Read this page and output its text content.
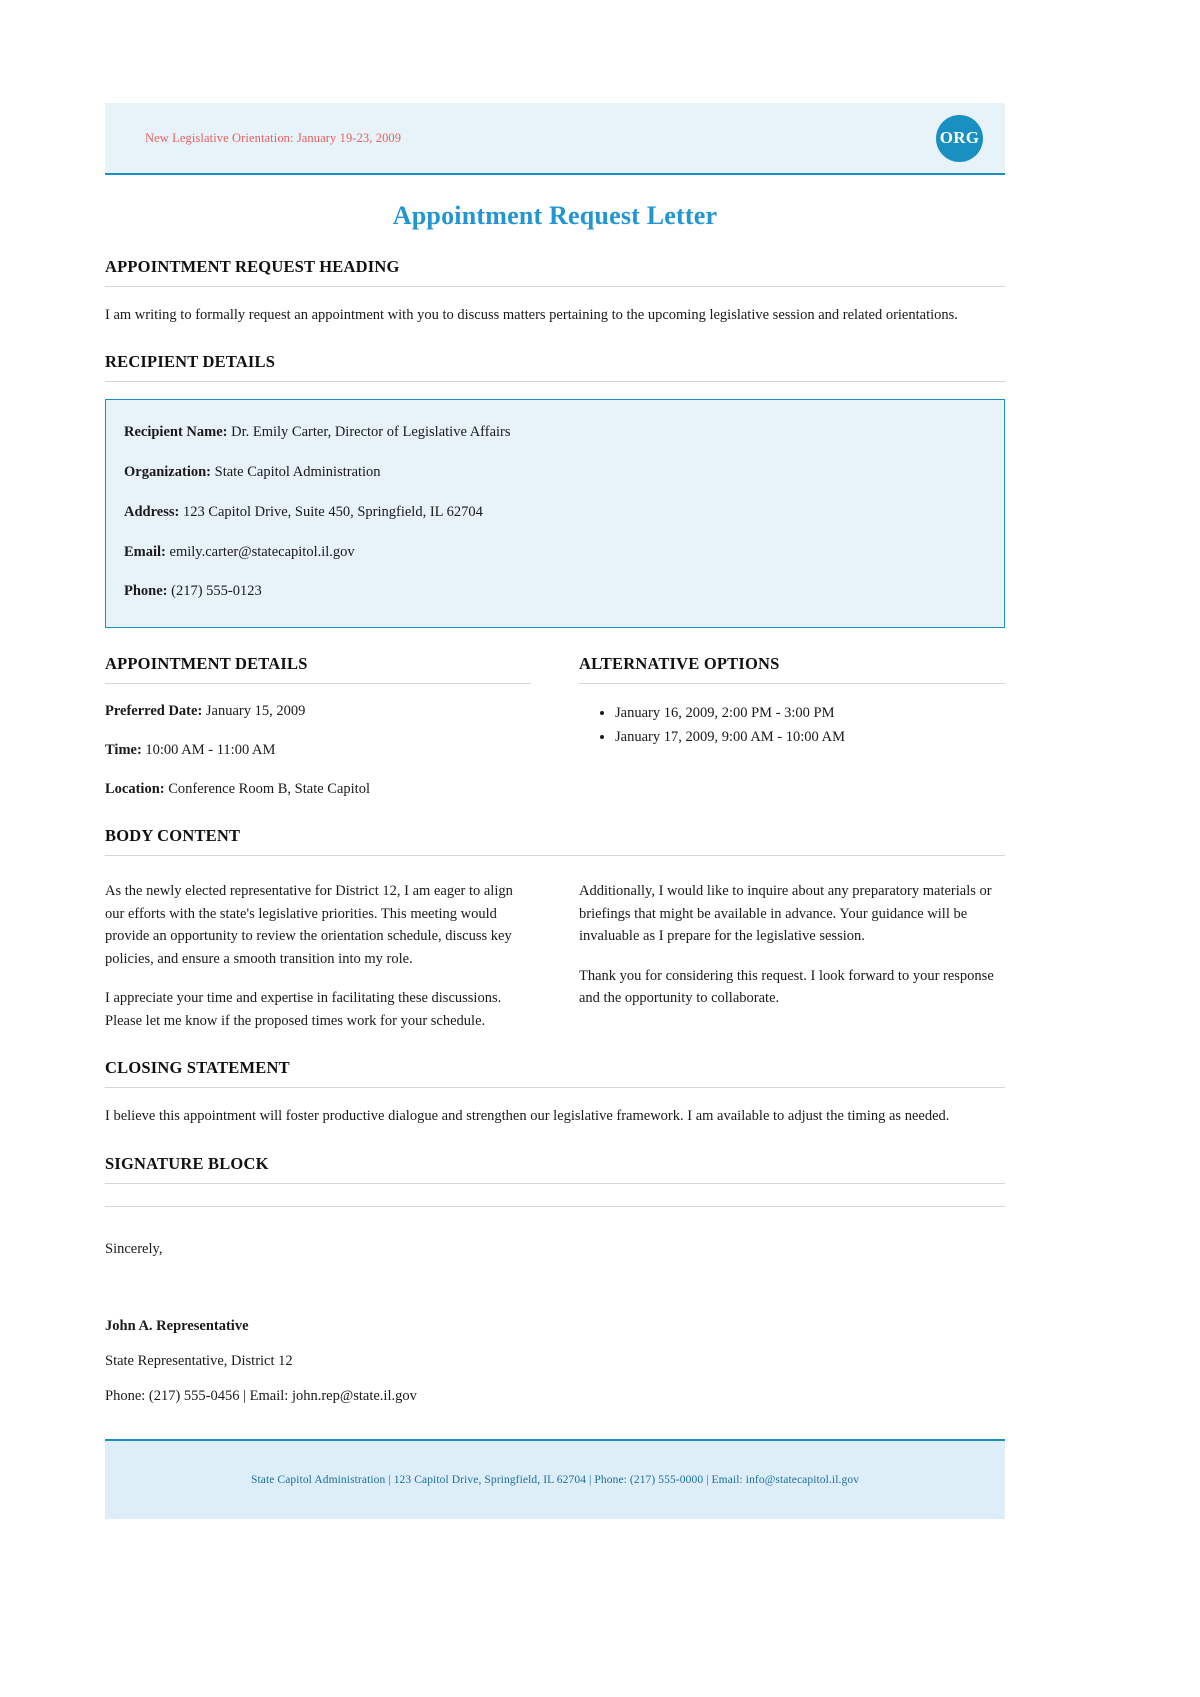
New Legislative Orientation: January 19-23, 2009	ORG
Appointment Request Letter
APPOINTMENT REQUEST HEADING

I am writing to formally request an appointment with you to discuss matters pertaining to the upcoming legislative session and related orientations.

RECIPIENT DETAILS

Recipient Name: Dr. Emily Carter, Director of Legislative Affairs

Organization: State Capitol Administration

Address: 123 Capitol Drive, Suite 450, Springfield, IL 62704

Email: emily.carter@statecapitol.il.gov

Phone: (217) 555-0123

APPOINTMENT DETAILS

Preferred Date: January 15, 2009

Time: 10:00 AM - 11:00 AM

Location: Conference Room B, State Capitol

ALTERNATIVE OPTIONS
• January 16, 2009, 2:00 PM - 3:00 PM
• January 17, 2009, 9:00 AM - 10:00 AM
BODY CONTENT

As the newly elected representative for District 12, I am eager to align our efforts with the state's legislative priorities. This meeting would provide an opportunity to review the orientation schedule, discuss key policies, and ensure a smooth transition into my role.

I appreciate your time and expertise in facilitating these discussions. Please let me know if the proposed times work for your schedule.

Additionally, I would like to inquire about any preparatory materials or briefings that might be available in advance. Your guidance will be invaluable as I prepare for the legislative session.

Thank you for considering this request. I look forward to your response and the opportunity to collaborate.

CLOSING STATEMENT

I believe this appointment will foster productive dialogue and strengthen our legislative framework. I am available to adjust the timing as needed.

SIGNATURE BLOCK

Sincerely,

John A. Representative

State Representative, District 12

Phone: (217) 555-0456 | Email: john.rep@state.il.gov

State Capitol Administration | 123 Capitol Drive, Springfield, IL 62704 | Phone: (217) 555-0000 | Email: info@statecapitol.il.gov
